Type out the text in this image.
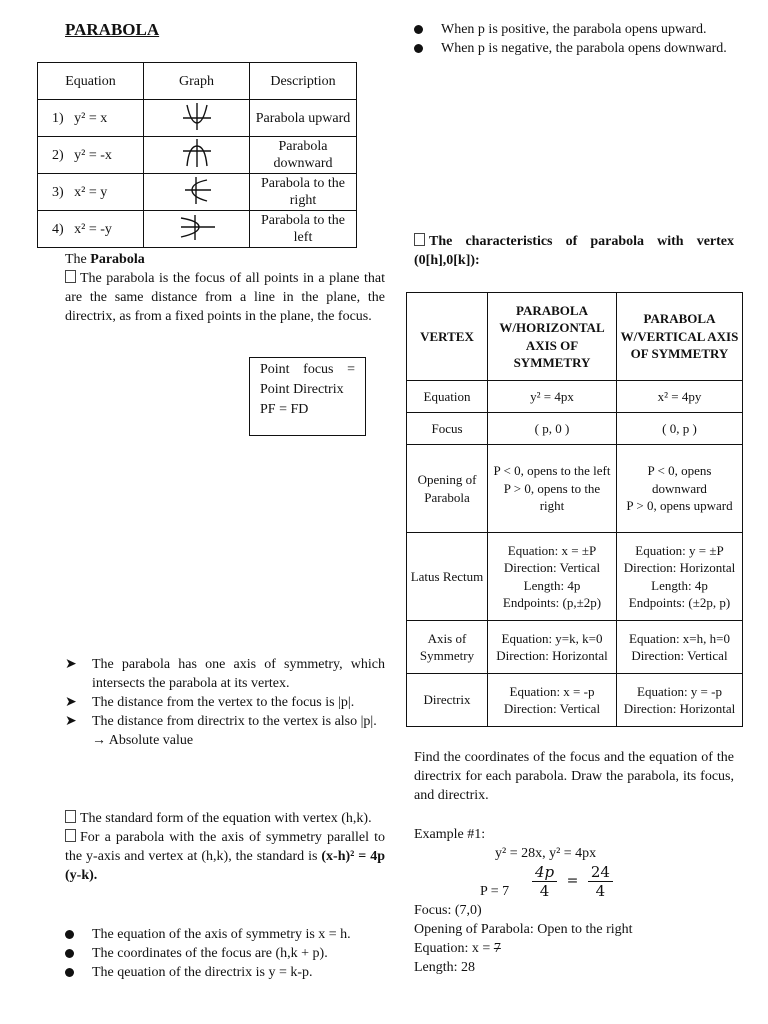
PARABOLA
Equation	Graph	Description
1) y² = x		Parabola upward
2) y² = -x		Parabola downward
3) x² = y		Parabola to the right
4) x² = -y		Parabola to the left
The Parabola
The parabola is the focus of all points in a plane that are the same distance from a line in the plane, the directrix, as from a fixed points in the plane, the focus.
Point focus =
Point Directrix
PF = FD
➤ The parabola has one axis of symmetry, which intersects the parabola at its vertex.
➤ The distance from the vertex to the focus is |p|.
➤ The distance from directrix to the vertex is also |p|.
→ Absolute value
The standard form of the equation with vertex (h,k).
For a parabola with the axis of symmetry parallel to the y-axis and vertex at (h,k), the standard is (x-h)² = 4p (y-k).
The equation of the axis of symmetry is x = h.
The coordinates of the focus are (h,k + p).
The qeuation of the directrix is y = k-p.
When p is positive, the parabola opens upward.
When p is negative, the parabola opens downward.
The characteristics of parabola with vertex (0[h],0[k]):
VERTEX	PARABOLA W/HORIZONTAL AXIS OF SYMMETRY	PARABOLA W/VERTICAL AXIS OF SYMMETRY
Equation	y² = 4px	x² = 4py
Focus	( p, 0 )	( 0, p )
Opening of Parabola	P < 0, opens to the left
P > 0, opens to the right	P < 0, opens downward
P > 0, opens upward
Latus Rectum	Equation: x = ±P
Direction: Vertical
Length: 4p
Endpoints: (p,±2p)	Equation: y = ±P
Direction: Horizontal
Length: 4p
Endpoints: (±2p, p)
Axis of Symmetry	Equation: y=k, k=0
Direction: Horizontal	Equation: x=h, h=0
Direction: Vertical
Directrix	Equation: x = -p
Direction: Vertical	Equation: y = -p
Direction: Horizontal
Find the coordinates of the focus and the equation of the directrix for each parabola. Draw the parabola, its focus, and directrix.
Example #1:
y² = 28x, y² = 4px
$P = 7 \frac{4p}{4} = \frac{24}{4}$
Focus: (7,0)
Opening of Parabola: Open to the right
Equation: x = 7
Length: 28
